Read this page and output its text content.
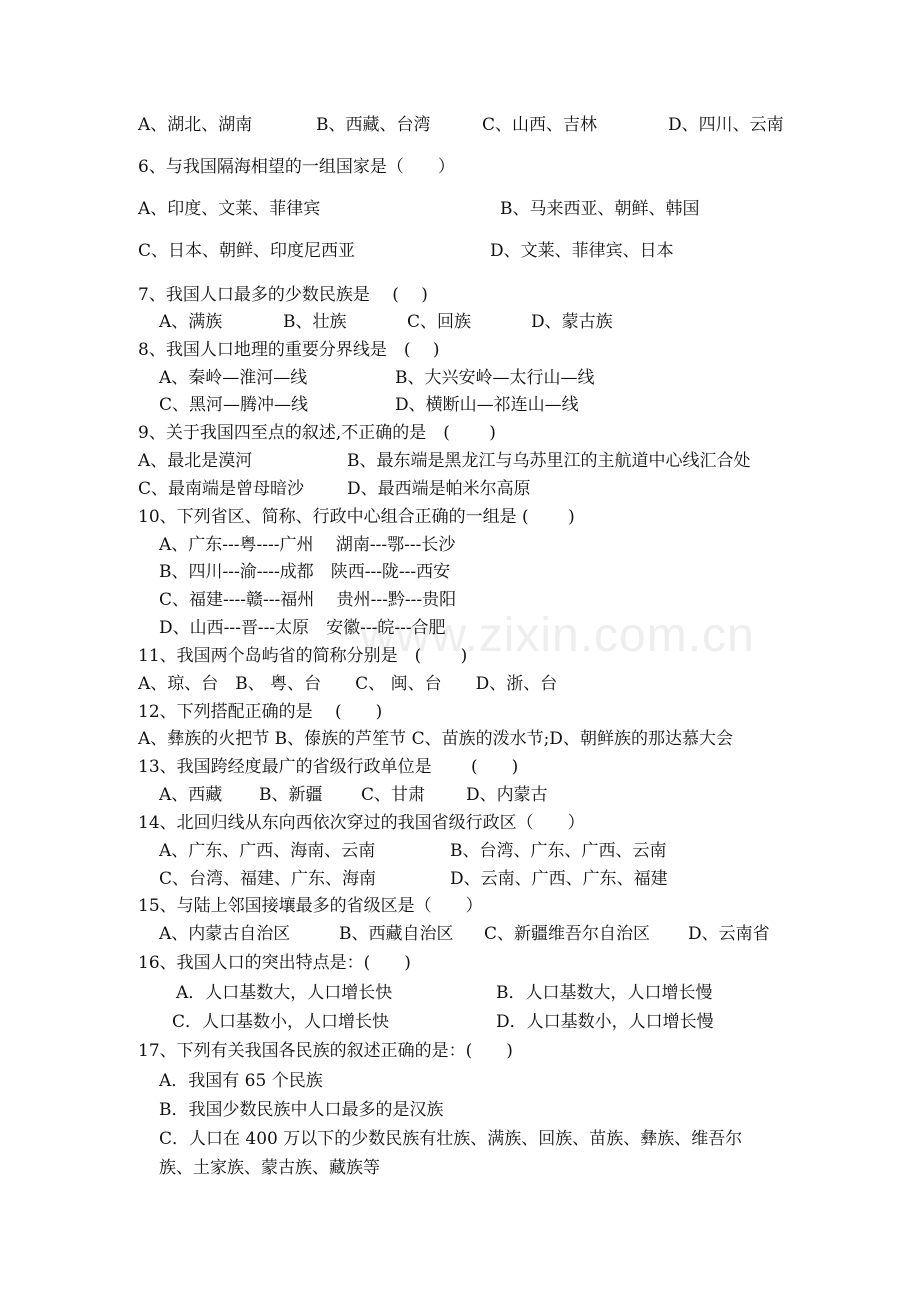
www.zixin.com.cn
A、湖北、湖南	B、西藏、台湾	C、山西、吉林	D、四川、云南
6、与我国隔海相望的一组国家是（　　）
A、印度、文莱、菲律宾	B、马来西亚、朝鲜、韩国
C、日本、朝鲜、印度尼西亚	D、文莱、菲律宾、日本
7、我国人口最多的少数民族是　 (　 )
A、满族	B、壮族	C、回族	D、蒙古族
8、我国人口地理的重要分界线是　(　 )
A、秦岭—淮河—线	B、大兴安岭—太行山—线
C、黑河—腾冲—线	D、横断山—祁连山—线
9、关于我国四至点的叙述,不正确的是　(　　 )
A、最北是漠河	B、最东端是黑龙江与乌苏里江的主航道中心线汇合处
C、最南端是曾母暗沙	D、最西端是帕米尔高原
10、下列省区、简称、行政中心组合正确的一组是 (　　 )
A、广东---粤----广州　 湖南---鄂---长沙
B、四川---渝----成都　陕西---陇---西安
C、福建----赣---福州　 贵州---黔---贵阳
D、山西---晋---太原　安徽---皖---合肥
11、我国两个岛屿省的简称分别是　(　　 )
A、琼、台　B、 粤、台　　C、 闽、台　　D、浙、台
12、下列搭配正确的是　 (　　)
A、彝族的火把节 B、傣族的芦笙节 C、苗族的泼水节;D、朝鲜族的那达慕大会
13、我国跨经度最广的省级行政单位是　　 (　　)
A、西藏 B、新疆 C、甘肃 D、内蒙古
14、北回归线从东向西依次穿过的我国省级行政区（　　）
A、广东、广西、海南、云南	B、台湾、广东、广西、云南
C、台湾、福建、广东、海南	D、云南、广西、广东、福建
15、与陆上邻国接壤最多的省级区是（　　）
A、内蒙古自治区	B、西藏自治区 C、新疆维吾尔自治区 D、云南省
16、我国人口的突出特点是：(　　)
A．人口基数大，人口增长快	B．人口基数大，人口增长慢
C．人口基数小，人口增长快	D．人口基数小，人口增长慢
17、下列有关我国各民族的叙述正确的是：(　　)
A．我国有 65 个民族
B．我国少数民族中人口最多的是汉族
C．人口在 400 万以下的少数民族有壮族、满族、回族、苗族、彝族、维吾尔
族、土家族、蒙古族、藏族等
